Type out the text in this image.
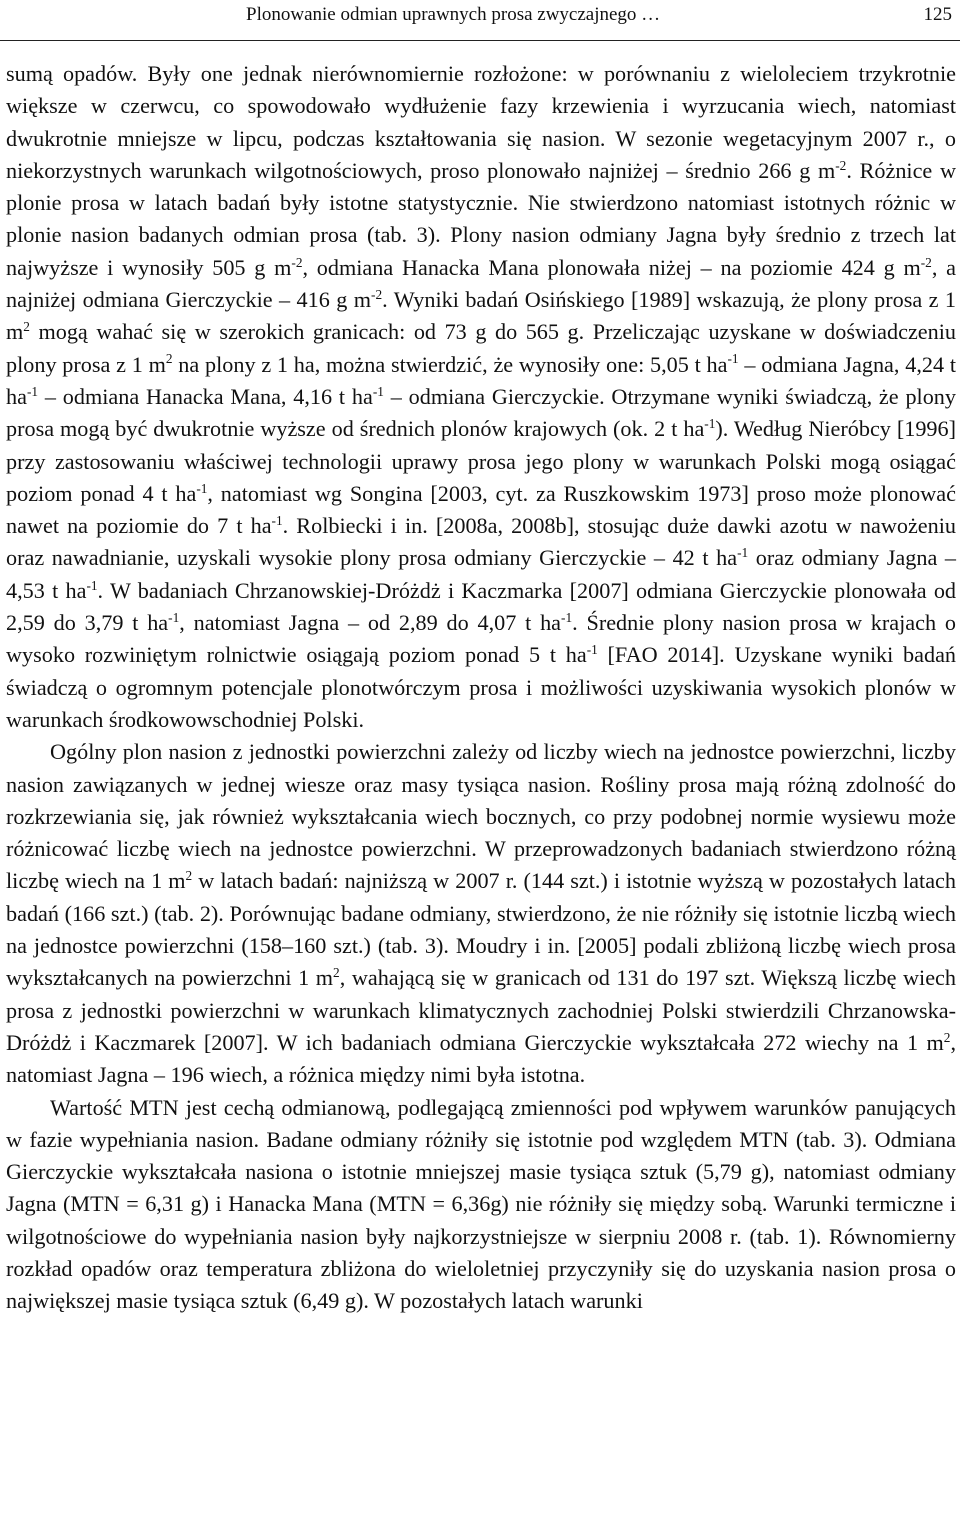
Plonowanie odmian uprawnych prosa zwyczajnego …	125

sumą opadów. Były one jednak nierównomiernie rozłożone: w porównaniu z wieloleciem trzykrotnie większe w czerwcu, co spowodowało wydłużenie fazy krzewienia i wyrzucania wiech, natomiast dwukrotnie mniejsze w lipcu, podczas kształtowania się nasion. W sezonie wegetacyjnym 2007 r., o niekorzystnych warunkach wilgotnościowych, proso plonowało najniżej – średnio 266 g $m^{-2}$. Różnice w plonie prosa w latach badań były istotne statystycznie. Nie stwierdzono natomiast istotnych różnic w plonie nasion badanych odmian prosa (tab. 3). Plony nasion odmiany Jagna były średnio z trzech lat najwyższe i wynosiły 505 g $m^{-2}$, odmiana Hanacka Mana plonowała niżej – na poziomie 424 g $m^{-2}$, a najniżej odmiana Gierczyckie – 416 g $m^{-2}$. Wyniki badań Osińskiego [1989] wskazują, że plony prosa z 1 $m^2$ mogą wahać się w szerokich granicach: od 73 g do 565 g. Przeliczając uzyskane w doświadczeniu plony prosa z 1 $m^2$ na plony z 1 ha, można stwierdzić, że wynosiły one: 5,05 t $ha^{-1}$ – odmiana Jagna, 4,24 t $ha^{-1}$ – odmiana Hanacka Mana, 4,16 t $ha^{-1}$ – odmiana Gierczyckie. Otrzymane wyniki świadczą, że plony prosa mogą być dwukrotnie wyższe od średnich plonów krajowych (ok. 2 t $ha^{-1}$). Według Nieróbcy [1996] przy zastosowaniu właściwej technologii uprawy prosa jego plony w warunkach Polski mogą osiągać poziom ponad 4 t $ha^{-1}$, natomiast wg Songina [2003, cyt. za Ruszkowskim 1973] proso może plonować nawet na poziomie do 7 t $ha^{-1}$. Rolbiecki i in. [2008a, 2008b], stosując duże dawki azotu w nawożeniu oraz nawadnianie, uzyskali wysokie plony prosa odmiany Gierczyckie – 42 t $ha^{-1}$ oraz odmiany Jagna – 4,53 t $ha^{-1}$. W badaniach Chrzanowskiej-Dróżdż i Kaczmarka [2007] odmiana Gierczyckie plonowała od 2,59 do 3,79 t $ha^{-1}$, natomiast Jagna – od 2,89 do 4,07 t $ha^{-1}$. Średnie plony nasion prosa w krajach o wysoko rozwiniętym rolnictwie osiągają poziom ponad 5 t $ha^{-1}$ [FAO 2014]. Uzyskane wyniki badań świadczą o ogromnym potencjale plonotwórczym prosa i możliwości uzyskiwania wysokich plonów w warunkach środkowowschodniej Polski.

Ogólny plon nasion z jednostki powierzchni zależy od liczby wiech na jednostce powierzchni, liczby nasion zawiązanych w jednej wiesze oraz masy tysiąca nasion. Rośliny prosa mają różną zdolność do rozkrzewiania się, jak również wykształcania wiech bocznych, co przy podobnej normie wysiewu może różnicować liczbę wiech na jednostce powierzchni. W przeprowadzonych badaniach stwierdzono różną liczbę wiech na 1 $m^2$ w latach badań: najniższą w 2007 r. (144 szt.) i istotnie wyższą w pozostałych latach badań (166 szt.) (tab. 2). Porównując badane odmiany, stwierdzono, że nie różniły się istotnie liczbą wiech na jednostce powierzchni (158–160 szt.) (tab. 3). Moudry i in. [2005] podali zbliżoną liczbę wiech prosa wykształcanych na powierzchni 1 $m^2$, wahającą się w granicach od 131 do 197 szt. Większą liczbę wiech prosa z jednostki powierzchni w warunkach klimatycznych zachodniej Polski stwierdzili Chrzanowska-Dróżdż i Kaczmarek [2007]. W ich badaniach odmiana Gierczyckie wykształcała 272 wiechy na 1 $m^2$, natomiast Jagna – 196 wiech, a różnica między nimi była istotna.

Wartość MTN jest cechą odmianową, podlegającą zmienności pod wpływem warunków panujących w fazie wypełniania nasion. Badane odmiany różniły się istotnie pod względem MTN (tab. 3). Odmiana Gierczyckie wykształcała nasiona o istotnie mniejszej masie tysiąca sztuk (5,79 g), natomiast odmiany Jagna (MTN = 6,31 g) i Hanacka Mana (MTN = 6,36g) nie różniły się między sobą. Warunki termiczne i wilgotnościowe do wypełniania nasion były najkorzystniejsze w sierpniu 2008 r. (tab. 1). Równomierny rozkład opadów oraz temperatura zbliżona do wieloletniej przyczyniły się do uzyskania nasion prosa o największej masie tysiąca sztuk (6,49 g). W pozostałych latach warunki
